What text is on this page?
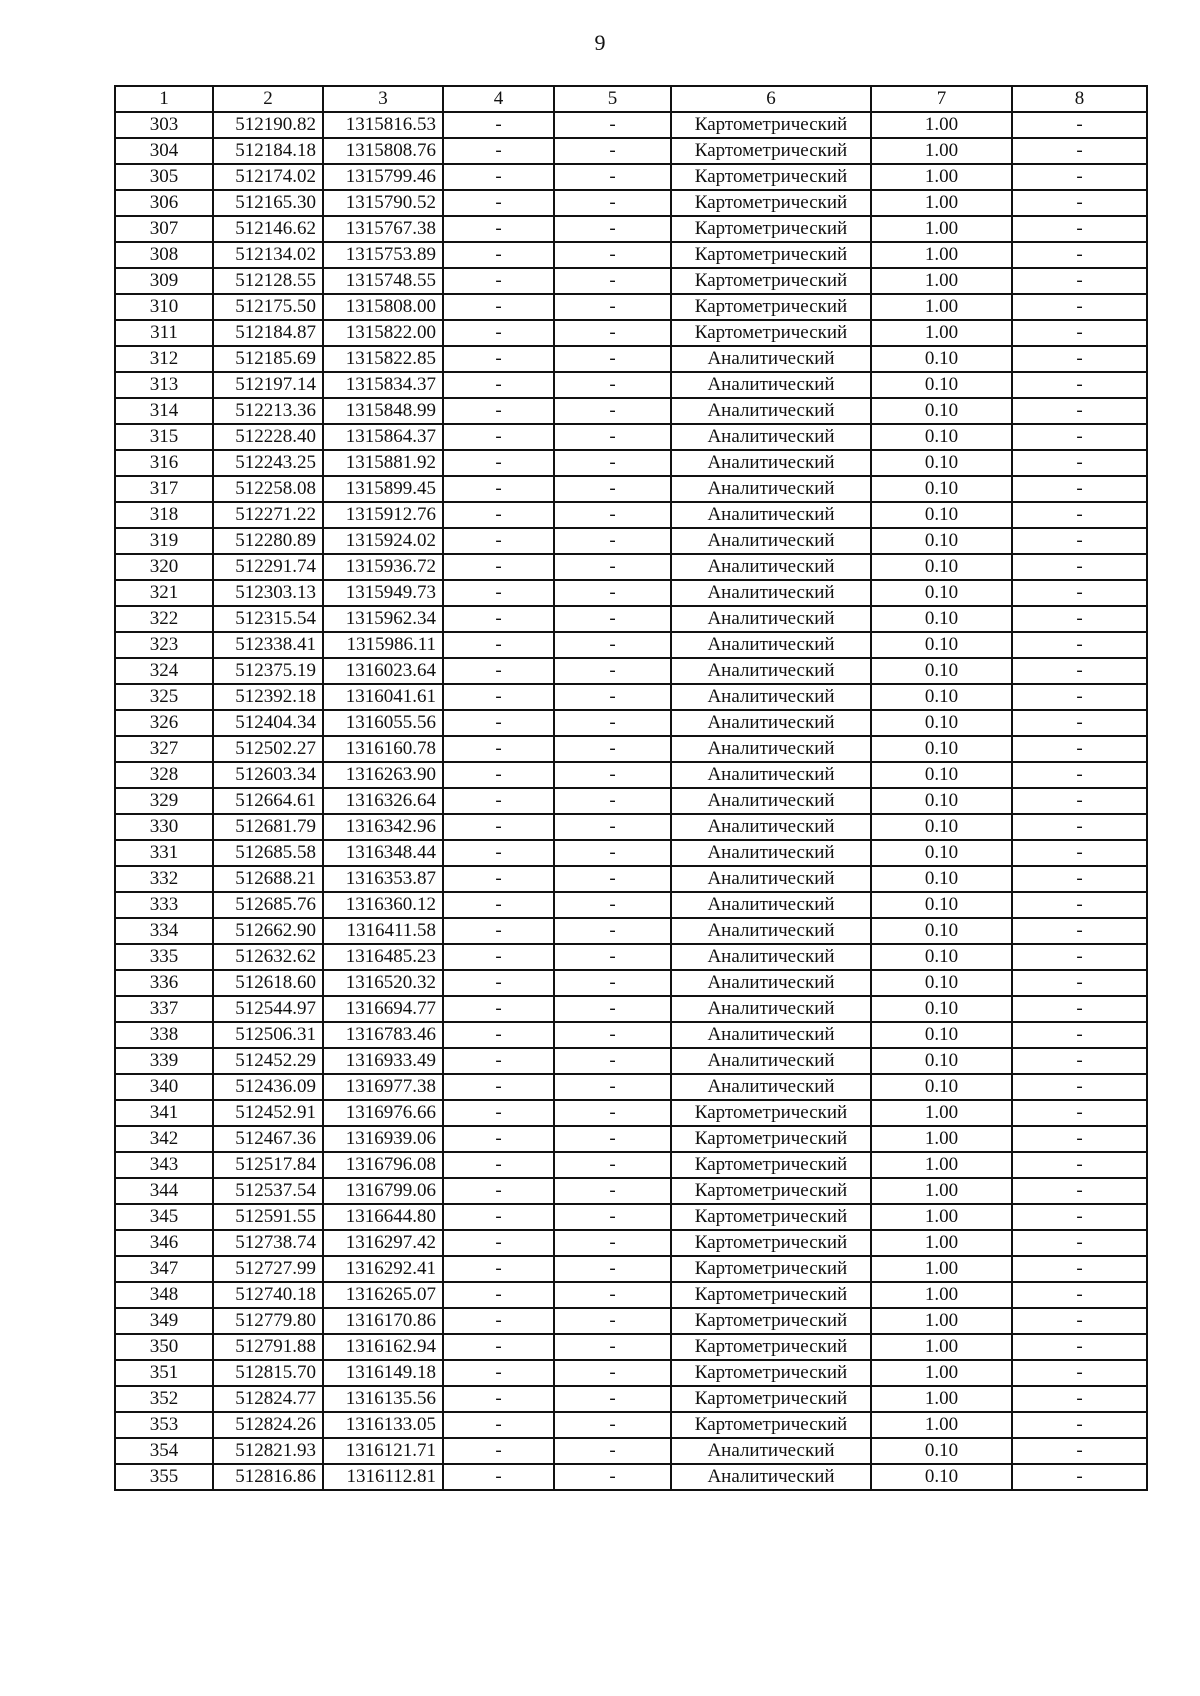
9
1	2	3	4	5	6	7	8
303	512190.82	1315816.53	-	-	Картометрический	1.00	-
304	512184.18	1315808.76	-	-	Картометрический	1.00	-
305	512174.02	1315799.46	-	-	Картометрический	1.00	-
306	512165.30	1315790.52	-	-	Картометрический	1.00	-
307	512146.62	1315767.38	-	-	Картометрический	1.00	-
308	512134.02	1315753.89	-	-	Картометрический	1.00	-
309	512128.55	1315748.55	-	-	Картометрический	1.00	-
310	512175.50	1315808.00	-	-	Картометрический	1.00	-
311	512184.87	1315822.00	-	-	Картометрический	1.00	-
312	512185.69	1315822.85	-	-	Аналитический	0.10	-
313	512197.14	1315834.37	-	-	Аналитический	0.10	-
314	512213.36	1315848.99	-	-	Аналитический	0.10	-
315	512228.40	1315864.37	-	-	Аналитический	0.10	-
316	512243.25	1315881.92	-	-	Аналитический	0.10	-
317	512258.08	1315899.45	-	-	Аналитический	0.10	-
318	512271.22	1315912.76	-	-	Аналитический	0.10	-
319	512280.89	1315924.02	-	-	Аналитический	0.10	-
320	512291.74	1315936.72	-	-	Аналитический	0.10	-
321	512303.13	1315949.73	-	-	Аналитический	0.10	-
322	512315.54	1315962.34	-	-	Аналитический	0.10	-
323	512338.41	1315986.11	-	-	Аналитический	0.10	-
324	512375.19	1316023.64	-	-	Аналитический	0.10	-
325	512392.18	1316041.61	-	-	Аналитический	0.10	-
326	512404.34	1316055.56	-	-	Аналитический	0.10	-
327	512502.27	1316160.78	-	-	Аналитический	0.10	-
328	512603.34	1316263.90	-	-	Аналитический	0.10	-
329	512664.61	1316326.64	-	-	Аналитический	0.10	-
330	512681.79	1316342.96	-	-	Аналитический	0.10	-
331	512685.58	1316348.44	-	-	Аналитический	0.10	-
332	512688.21	1316353.87	-	-	Аналитический	0.10	-
333	512685.76	1316360.12	-	-	Аналитический	0.10	-
334	512662.90	1316411.58	-	-	Аналитический	0.10	-
335	512632.62	1316485.23	-	-	Аналитический	0.10	-
336	512618.60	1316520.32	-	-	Аналитический	0.10	-
337	512544.97	1316694.77	-	-	Аналитический	0.10	-
338	512506.31	1316783.46	-	-	Аналитический	0.10	-
339	512452.29	1316933.49	-	-	Аналитический	0.10	-
340	512436.09	1316977.38	-	-	Аналитический	0.10	-
341	512452.91	1316976.66	-	-	Картометрический	1.00	-
342	512467.36	1316939.06	-	-	Картометрический	1.00	-
343	512517.84	1316796.08	-	-	Картометрический	1.00	-
344	512537.54	1316799.06	-	-	Картометрический	1.00	-
345	512591.55	1316644.80	-	-	Картометрический	1.00	-
346	512738.74	1316297.42	-	-	Картометрический	1.00	-
347	512727.99	1316292.41	-	-	Картометрический	1.00	-
348	512740.18	1316265.07	-	-	Картометрический	1.00	-
349	512779.80	1316170.86	-	-	Картометрический	1.00	-
350	512791.88	1316162.94	-	-	Картометрический	1.00	-
351	512815.70	1316149.18	-	-	Картометрический	1.00	-
352	512824.77	1316135.56	-	-	Картометрический	1.00	-
353	512824.26	1316133.05	-	-	Картометрический	1.00	-
354	512821.93	1316121.71	-	-	Аналитический	0.10	-
355	512816.86	1316112.81	-	-	Аналитический	0.10	-
